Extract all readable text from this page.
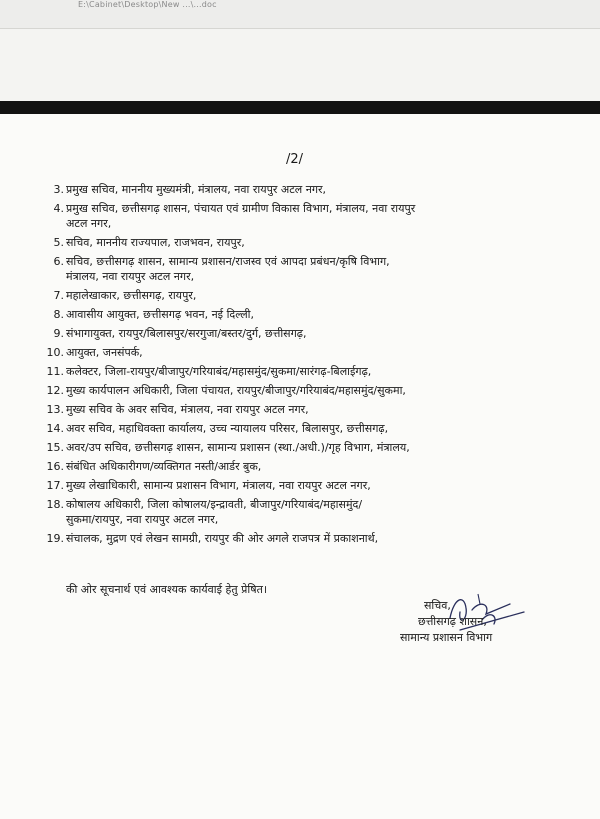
E:\Cabinet\Desktop\New ...\...doc
/2/
3. प्रमुख सचिव, माननीय मुख्यमंत्री, मंत्रालय, नवा रायपुर अटल नगर,
4. प्रमुख सचिव, छत्तीसगढ़ शासन, पंचायत एवं ग्रामीण विकास विभाग, मंत्रालय, नवा रायपुर
अटल नगर,
5. सचिव, माननीय राज्यपाल, राजभवन, रायपुर,
6. सचिव, छत्तीसगढ़ शासन, सामान्य प्रशासन/राजस्व एवं आपदा प्रबंधन/कृषि विभाग,
मंत्रालय, नवा रायपुर अटल नगर,
7. महालेखाकार, छत्तीसगढ़, रायपुर,
8. आवासीय आयुक्त, छत्तीसगढ़ भवन, नई दिल्ली,
9. संभागायुक्त, रायपुर/बिलासपुर/सरगुजा/बस्तर/दुर्ग, छत्तीसगढ़,
10. आयुक्त, जनसंपर्क,
11. कलेक्टर, जिला-रायपुर/बीजापुर/गरियाबंद/महासमुंद/सुकमा/सारंगढ़-बिलाईगढ़,
12. मुख्य कार्यपालन अधिकारी, जिला पंचायत, रायपुर/बीजापुर/गरियाबंद/महासमुंद/सुकमा,
13. मुख्य सचिव के अवर सचिव, मंत्रालय, नवा रायपुर अटल नगर,
14. अवर सचिव, महाधिवक्ता कार्यालय, उच्च न्यायालय परिसर, बिलासपुर, छत्तीसगढ़,
15. अवर/उप सचिव, छत्तीसगढ़ शासन, सामान्य प्रशासन (स्था./अधी.)/गृह विभाग, मंत्रालय,
16. संबंधित अधिकारीगण/व्यक्तिगत नस्ती/आर्डर बुक,
17. मुख्य लेखाधिकारी, सामान्य प्रशासन विभाग, मंत्रालय, नवा रायपुर अटल नगर,
18. कोषालय अधिकारी, जिला कोषालय/इन्द्रावती, बीजापुर/गरियाबंद/महासमुंद/
सुकमा/रायपुर, नवा रायपुर अटल नगर,
19. संचालक, मुद्रण एवं लेखन सामग्री, रायपुर की ओर अगले राजपत्र में प्रकाशनार्थ,
की ओर सूचनार्थ एवं आवश्यक कार्यवाई हेतु प्रेषित।
सचिव,
छत्तीसगढ़ शासन,
सामान्य प्रशासन विभाग
